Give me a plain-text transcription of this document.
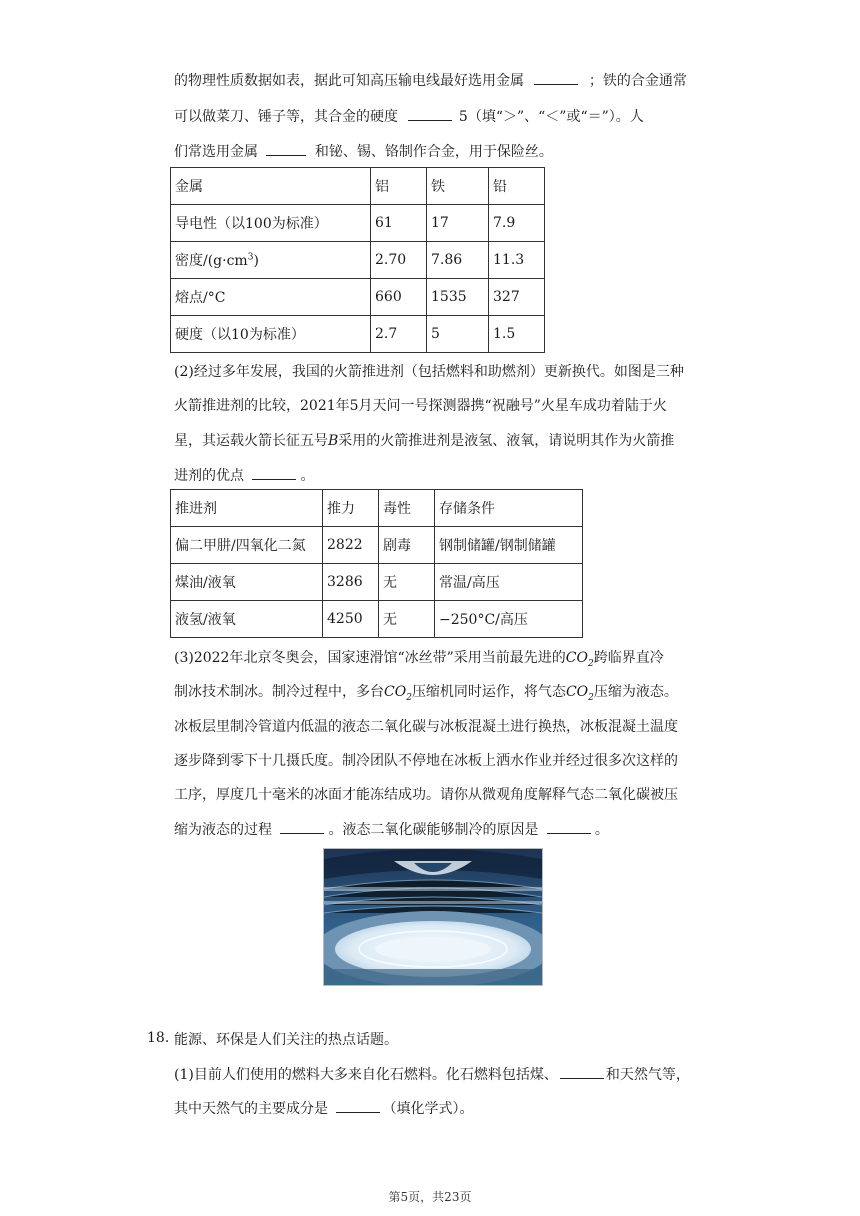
的物理性质数据如表，据此可知高压输电线最好选用金属	；铁的合金通常
可以做菜刀、锤子等，其合金的硬度	5（填“＞”、“＜”或“＝”）。人
们常选用金属	和铋、锡、铬制作合金，用于保险丝。
金属	铝	铁	铅
导电性（以100为标准）	61	17	7.9
密度$/(g\cdot cm^3)$	2.70	7.86	11.3
熔点/°C	660	1535	327
硬度（以10为标准）	2.7	5	1.5
(2)经过多年发展，我国的火箭推进剂（包括燃料和助燃剂）更新换代。如图是三种
火箭推进剂的比较，2021年5月天问一号探测器携“祝融号”火星车成功着陆于火
星，其运载火箭长征五号B采用的火箭推进剂是液氢、液氧，请说明其作为火箭推
进剂的优点	。
推进剂	推力	毒性	存储条件
偏二甲肼/四氧化二氮	2822	剧毒	钢制储罐/钢制储罐
煤油/液氧	3286	无	常温/高压
液氢/液氧	4250	无	−250°C/高压
(3)2022年北京冬奥会，国家速滑馆“冰丝带”采用当前最先进的$CO_2$跨临界直冷
制冰技术制冰。制冷过程中，多台$CO_2$压缩机同时运作，将气态$CO_2$压缩为液态。
冰板层里制冷管道内低温的液态二氧化碳与冰板混凝土进行换热，冰板混凝土温度
逐步降到零下十几摄氏度。制冷团队不停地在冰板上洒水作业并经过很多次这样的
工序，厚度几十毫米的冰面才能冻结成功。请你从微观角度解释气态二氧化碳被压
缩为液态的过程	。液态二氧化碳能够制冷的原因是	。
18. 能源、环保是人们关注的热点话题。
(1)目前人们使用的燃料大多来自化石燃料。化石燃料包括煤、	和天然气等，
其中天然气的主要成分是	（填化学式）。
第5页，共23页
